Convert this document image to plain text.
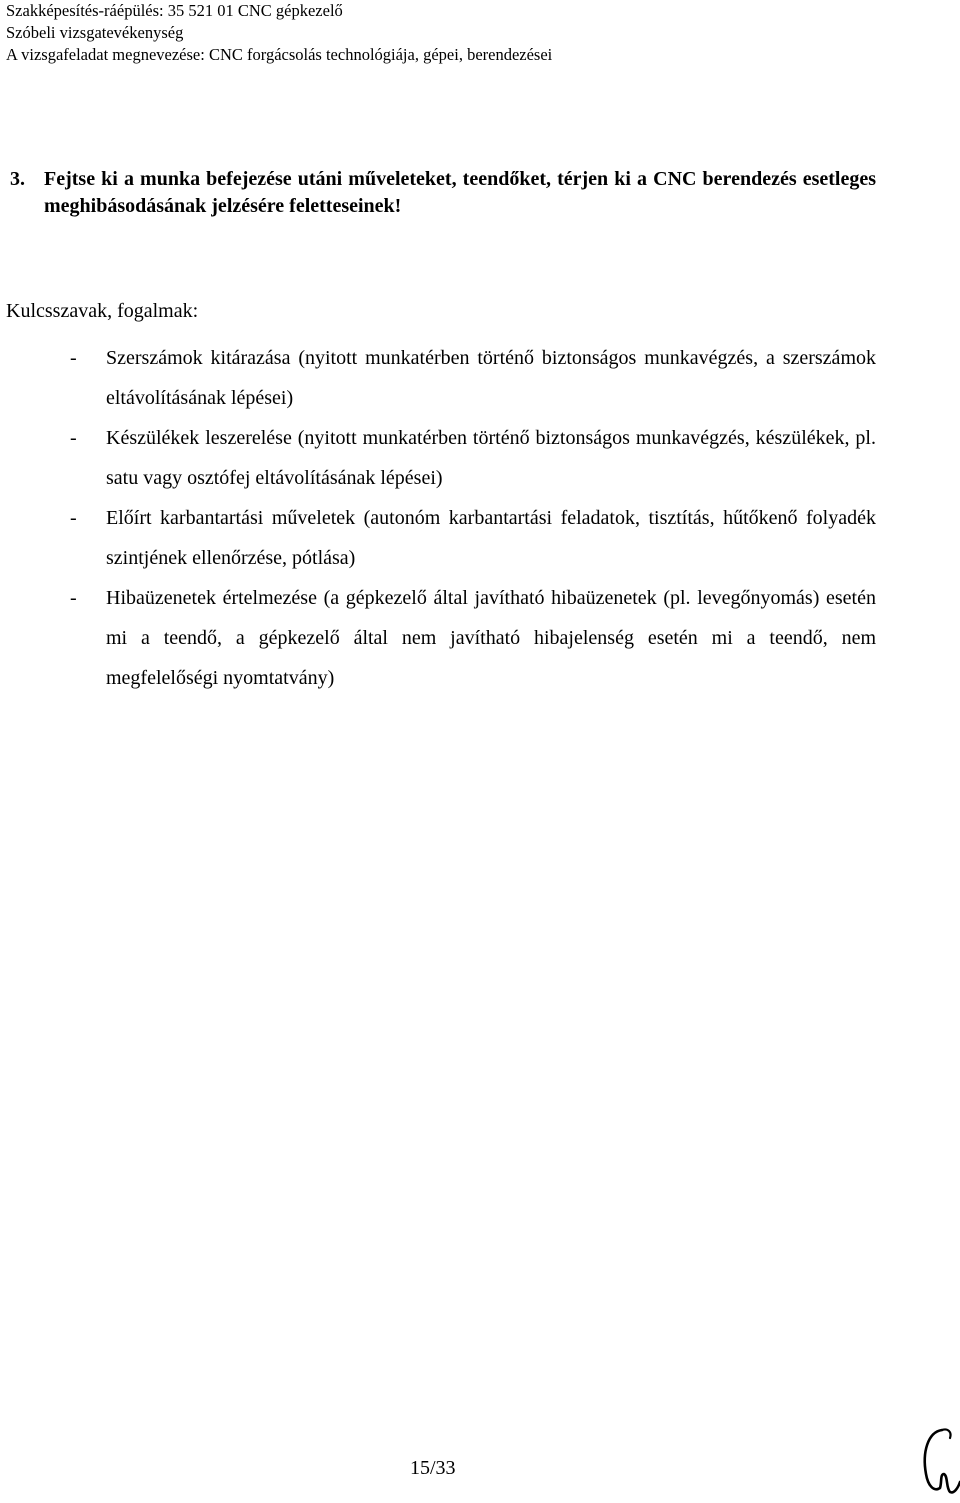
Szakképesítés-ráépülés: 35 521 01 CNC gépkezelő
Szóbeli vizsgatevékenység
A vizsgafeladat megnevezése: CNC forgácsolás technológiája, gépei, berendezései
3. Fejtse ki a munka befejezése utáni műveleteket, teendőket, térjen ki a CNC berendezés esetleges meghibásodásának jelzésére feletteseinek!
Kulcsszavak, fogalmak:
- Szerszámok kitárazása (nyitott munkatérben történő biztonságos munkavégzés, a szerszámok eltávolításának lépései)
- Készülékek leszerelése (nyitott munkatérben történő biztonságos munkavégzés, készülékek, pl. satu vagy osztófej eltávolításának lépései)
- Előírt karbantartási műveletek (autonóm karbantartási feladatok, tisztítás, hűtőkenő folyadék szintjének ellenőrzése, pótlása)
- Hibaüzenetek értelmezése (a gépkezelő által javítható hibaüzenetek (pl. levegőnyomás) esetén mi a teendő, a gépkezelő által nem javítható hibajelenség esetén mi a teendő, nem megfelelőségi nyomtatvány)
15/33
